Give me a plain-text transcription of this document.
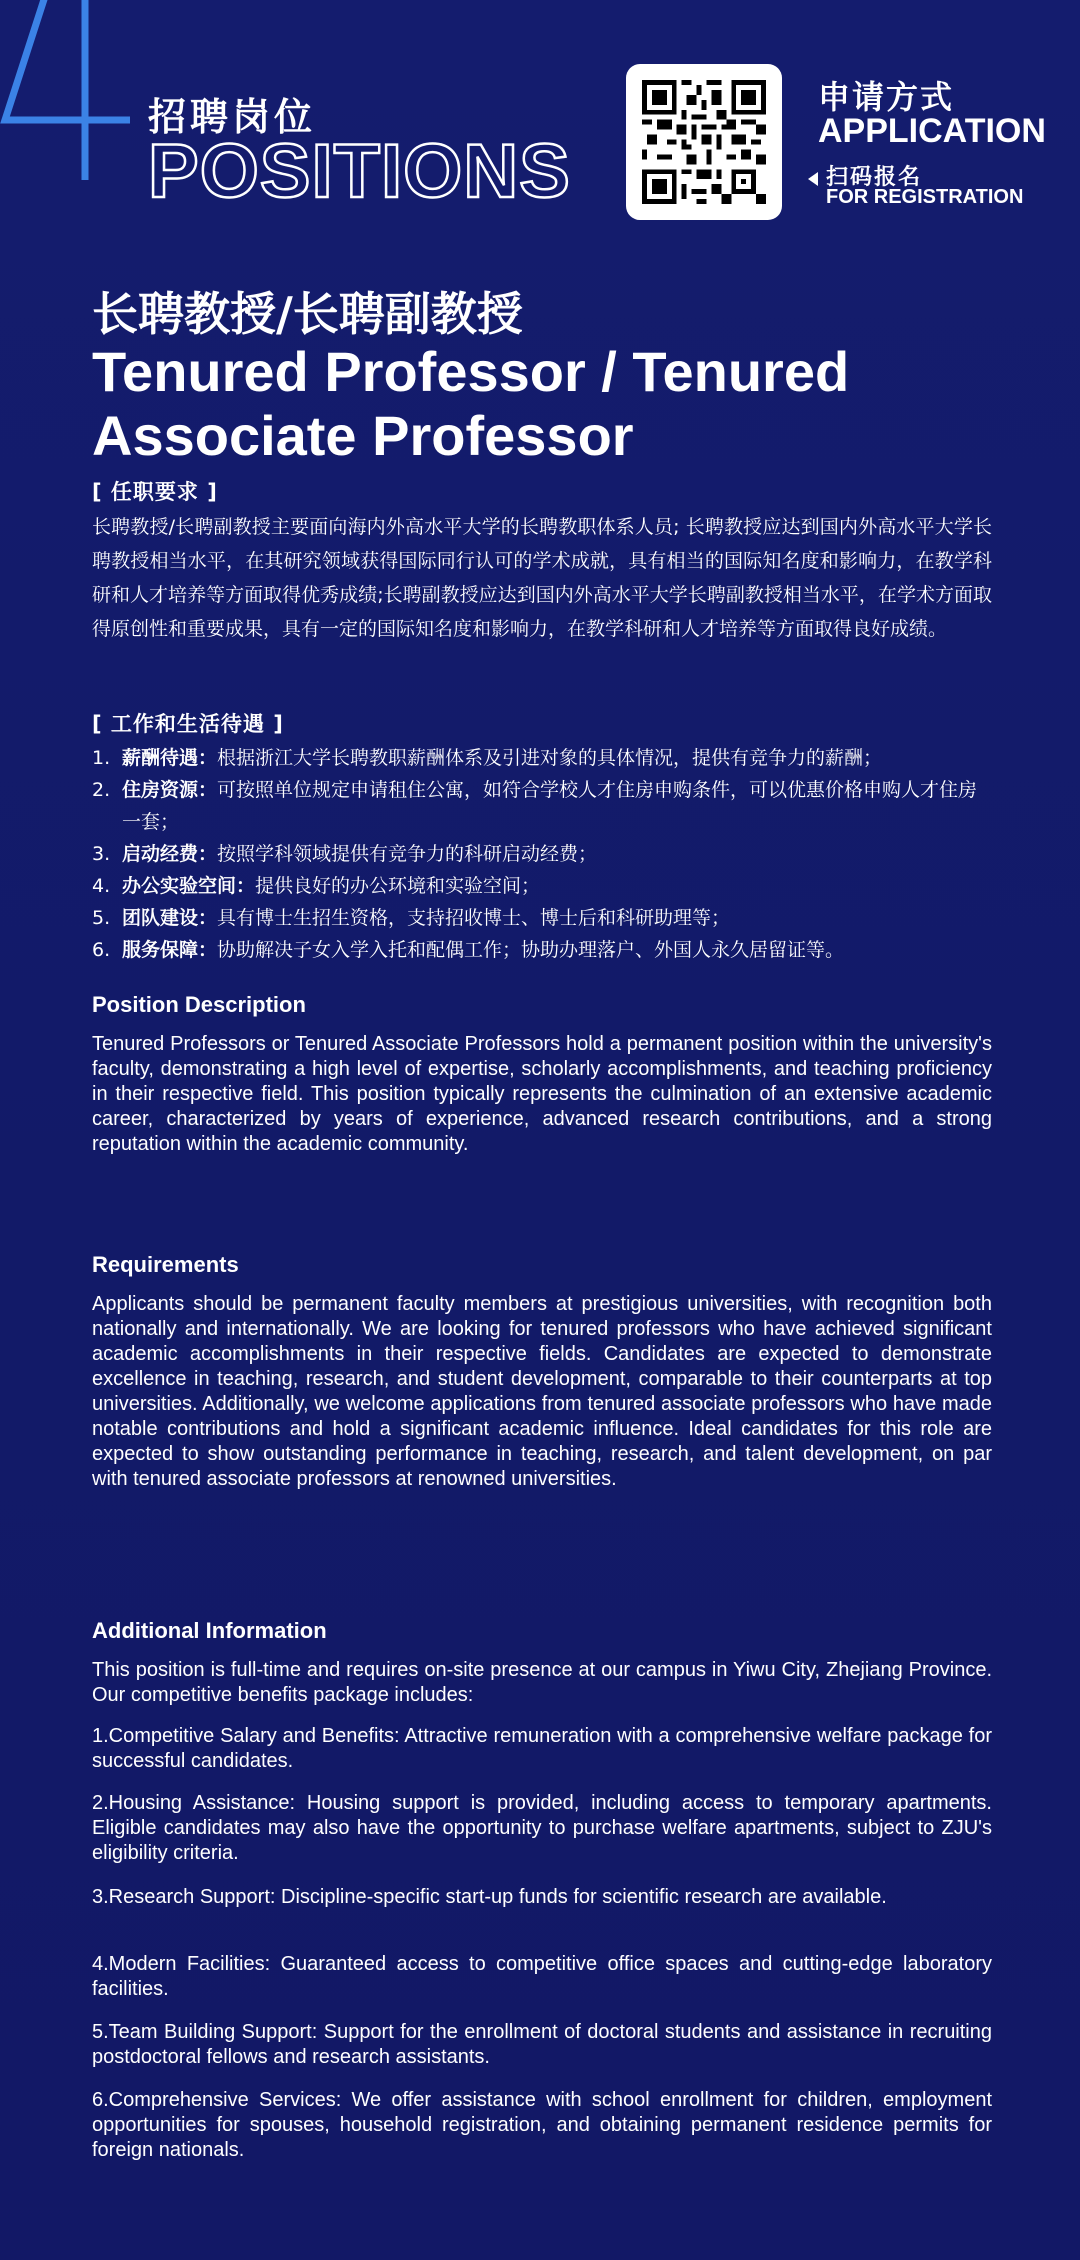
招聘岗位
POSITIONS
申请方式
APPLICATION
扫码报名
FOR REGISTRATION
长聘教授/长聘副教授
Tenured Professor / Tenured Associate Professor
[ 任职要求 ]
长聘教授/长聘副教授主要面向海内外高水平大学的长聘教职体系人员; 长聘教授应达到国内外高水平大学长聘教授相当水平，在其研究领域获得国际同行认可的学术成就，具有相当的国际知名度和影响力，在教学科研和人才培养等方面取得优秀成绩;长聘副教授应达到国内外高水平大学长聘副教授相当水平，在学术方面取得原创性和重要成果，具有一定的国际知名度和影响力，在教学科研和人才培养等方面取得良好成绩。
[ 工作和生活待遇 ]
1. 薪酬待遇：根据浙江大学长聘教职薪酬体系及引进对象的具体情况，提供有竞争力的薪酬；
2. 住房资源：可按照单位规定申请租住公寓，如符合学校人才住房申购条件，可以优惠价格申购人才住房一套；
3. 启动经费：按照学科领域提供有竞争力的科研启动经费；
4. 办公实验空间：提供良好的办公环境和实验空间；
5. 团队建设：具有博士生招生资格，支持招收博士、博士后和科研助理等；
6. 服务保障：协助解决子女入学入托和配偶工作；协助办理落户、外国人永久居留证等。
Position Description

Tenured Professors or Tenured Associate Professors hold a permanent position within the university's faculty, demonstrating a high level of expertise, scholarly accomplishments, and teaching proficiency in their respective field. This position typically represents the culmination of an extensive academic career, characterized by years of experience, advanced research contributions, and a strong reputation within the academic community.

Requirements

Applicants should be permanent faculty members at prestigious universities, with recognition both nationally and internationally. We are looking for tenured professors who have achieved significant academic accomplishments in their respective fields. Candidates are expected to demonstrate excellence in teaching, research, and student development, comparable to their counterparts at top universities. Additionally, we welcome applications from tenured associate professors who have made notable contributions and hold a significant academic influence. Ideal candidates for this role are expected to show outstanding performance in teaching, research, and talent development, on par with tenured associate professors at renowned universities.

Additional Information

This position is full-time and requires on-site presence at our campus in Yiwu City, Zhejiang Province. Our competitive benefits package includes:

1.Competitive Salary and Benefits: Attractive remuneration with a comprehensive welfare package for successful candidates.

2.Housing Assistance: Housing support is provided, including access to temporary apartments. Eligible candidates may also have the opportunity to purchase welfare apartments, subject to ZJU's eligibility criteria.

3.Research Support: Discipline-specific start-up funds for scientific research are available.

4.Modern Facilities: Guaranteed access to competitive office spaces and cutting-edge laboratory facilities.

5.Team Building Support: Support for the enrollment of doctoral students and assistance in recruiting postdoctoral fellows and research assistants.

6.Comprehensive Services: We offer assistance with school enrollment for children, employment opportunities for spouses, household registration, and obtaining permanent residence permits for foreign nationals.
